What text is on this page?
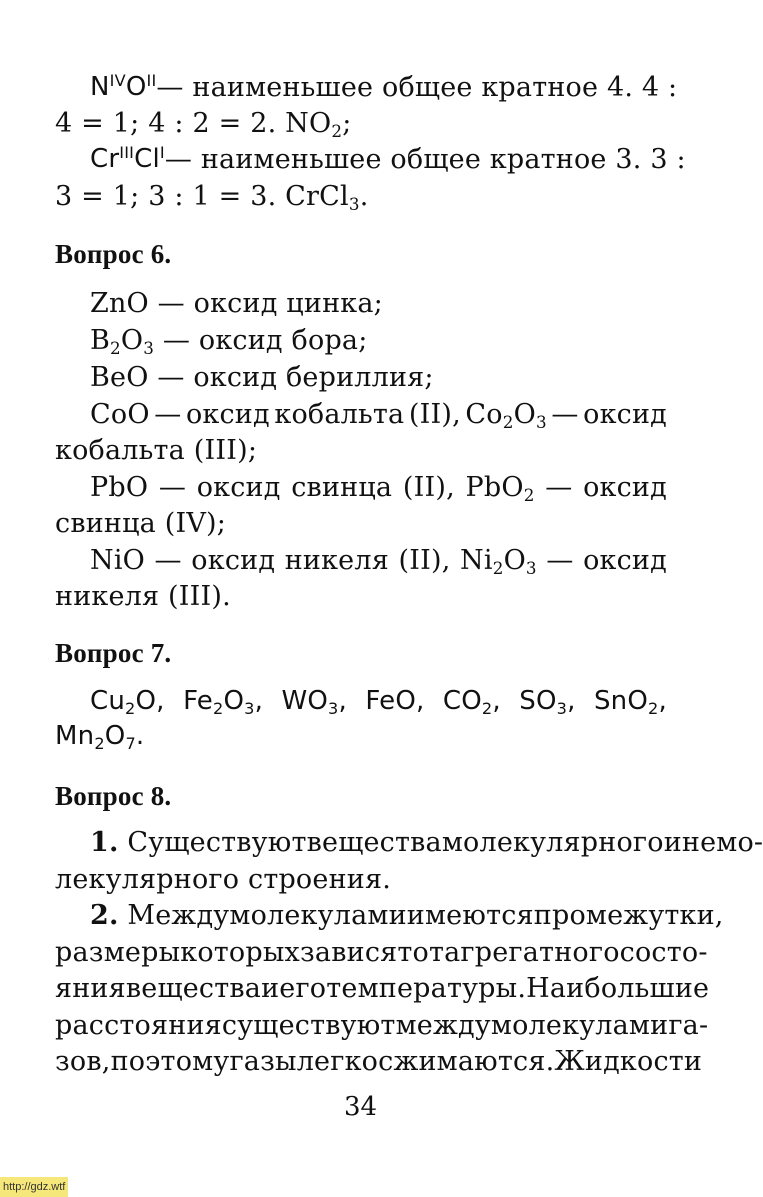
$N^{IV}O^{II}$ — наименьшее общее кратное 4. 4 :
4 = 1; 4 : 2 = 2. $NO_2$;
$Cr^{III}Cl^I$ — наименьшее общее кратное 3. 3 :
3 = 1; 3 : 1 = 3. CrCl$_3$.
Вопрос 6.
ZnO — оксид цинка;
$B_2O_3$ — оксид бора;
BeO — оксид бериллия;
CoO — оксид кобальта (II), $Co_2O_3$ — оксид
кобальта (III);
PbO — оксид свинца (II), PbO$_2$ — оксид
свинца (IV);
NiO — оксид никеля (II), $Ni_2O_3$ — оксид
никеля (III).
Вопрос 7.
$Cu_2O$, $Fe_2O_3$, $WO_3$, FeO, $CO_2$, $SO_3$, SnO$_2$,
$Mn_2O_7$.
Вопрос 8.
1. Существуют вещества молекулярного и немо-
лекулярного строения.
2. Между молекулами имеются промежутки,
размеры которых зависят от агрегатного состо-
яния вещества и его температуры. Наибольшие
расстояния существуют между молекулами га-
зов, поэтому газы легко сжимаются. Жидкости
34
http://gdz.wtf
